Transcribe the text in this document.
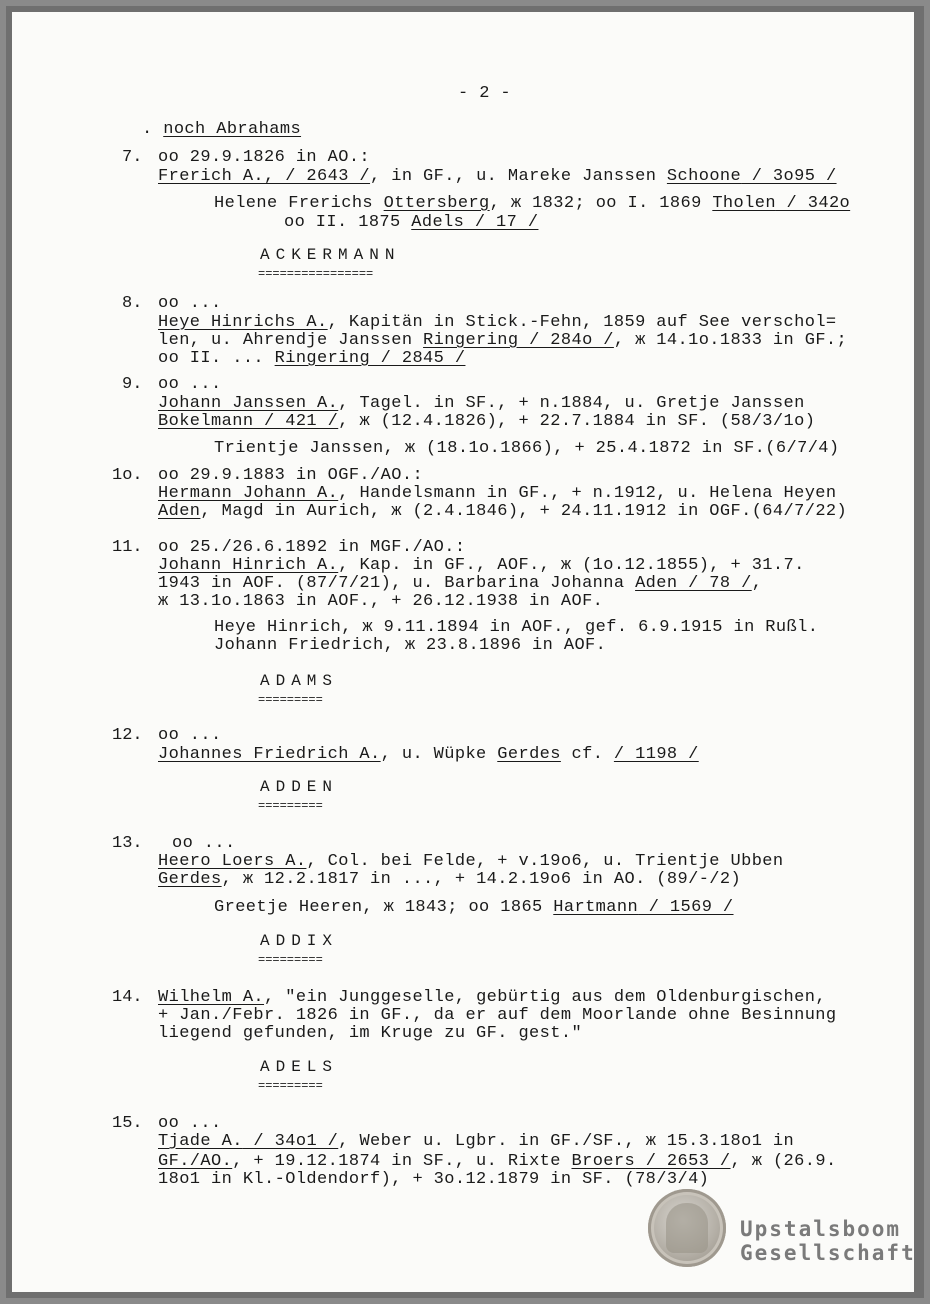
- 2 -
. noch Abrahams
7. oo 29.9.1826 in AO.:
Frerich A., / 2643 /, in GF., u. Mareke Janssen Schoone / 3o95 /
Helene Frerichs Ottersberg, ж 1832; oo I. 1869 Tholen / 342o
oo II. 1875 Adels / 17 /
ACKERMANN
================
8. oo ...
Heye Hinrichs A., Kapitän in Stick.-Fehn, 1859 auf See verschol=
len, u. Ahrendje Janssen Ringering / 284o /, ж 14.1o.1833 in GF.;
oo II. ... Ringering / 2845 /
9. oo ...
Johann Janssen A., Tagel. in SF., + n.1884, u. Gretje Janssen
Bokelmann / 421 /, ж (12.4.1826), + 22.7.1884 in SF. (58/3/1o)
Trientje Janssen, ж (18.1o.1866), + 25.4.1872 in SF.(6/7/4)
1o. oo 29.9.1883 in OGF./AO.:
Hermann Johann A., Handelsmann in GF., + n.1912, u. Helena Heyen
Aden, Magd in Aurich, ж (2.4.1846), + 24.11.1912 in OGF.(64/7/22)
11. oo 25./26.6.1892 in MGF./AO.:
Johann Hinrich A., Kap. in GF., AOF., ж (1o.12.1855), + 31.7.
1943 in AOF. (87/7/21), u. Barbarina Johanna Aden / 78 /,
ж 13.1o.1863 in AOF., + 26.12.1938 in AOF.
Heye Hinrich, ж 9.11.1894 in AOF., gef. 6.9.1915 in Rußl.
Johann Friedrich, ж 23.8.1896 in AOF.
ADAMS
=========
12. oo ...
Johannes Friedrich A., u. Wüpke Gerdes cf. / 1198 /
ADDEN
=========
13. oo ...
Heero Loers A., Col. bei Felde, + v.19o6, u. Trientje Ubben
Gerdes, ж 12.2.1817 in ..., + 14.2.19o6 in AO. (89/-/2)
Greetje Heeren, ж 1843; oo 1865 Hartmann / 1569 /
ADDIX
=========
14. Wilhelm A., "ein Junggeselle, gebürtig aus dem Oldenburgischen,
+ Jan./Febr. 1826 in GF., da er auf dem Moorlande ohne Besinnung
liegend gefunden, im Kruge zu GF. gest."
ADELS
=========
15. oo ...
Tjade A. / 34o1 /, Weber u. Lgbr. in GF./SF., ж 15.3.18o1 in
GF./AO., + 19.12.1874 in SF., u. Rixte Broers / 2653 /, ж (26.9.
18o1 in Kl.-Oldendorf), + 3o.12.1879 in SF. (78/3/4)
Upstalsboom
Gesellschaft
